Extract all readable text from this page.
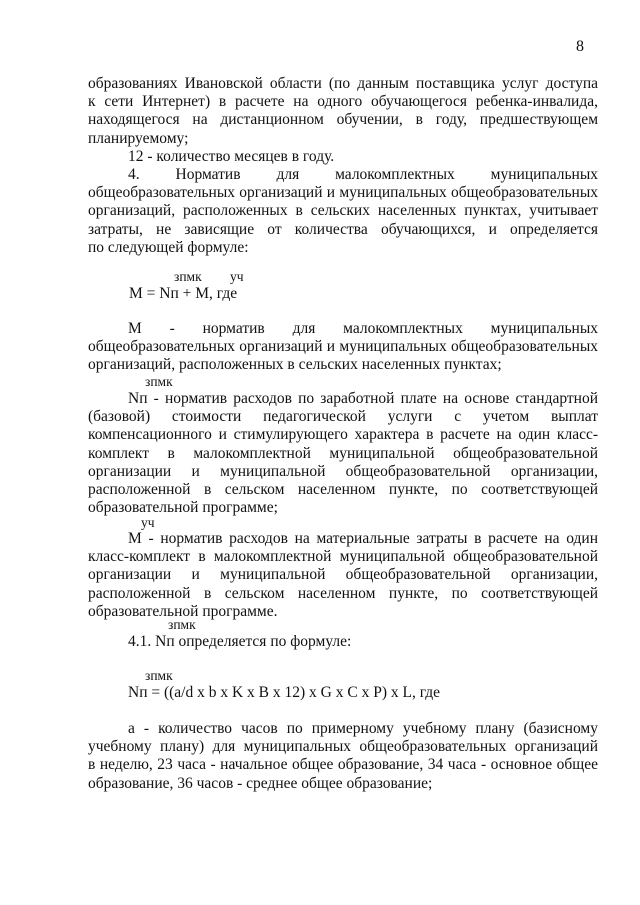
8

образованиях Ивановской области (по данным поставщика услуг доступа

к сети Интернет) в расчете на одного обучающегося ребенка-инвалида,

находящегося на дистанционном обучении, в году, предшествующем

планируемому;

12 - количество месяцев в году.

4. Норматив для малокомплектных муниципальных

общеобразовательных организаций и муниципальных общеобразовательных

организаций, расположенных в сельских населенных пунктах, учитывает

затраты, не зависящие от количества обучающихся, и определяется

по следующей формуле:

зпмк уч
M = Nп + M, где

M - норматив для малокомплектных муниципальных

общеобразовательных организаций и муниципальных общеобразовательных

организаций, расположенных в сельских населенных пунктах;

зпмк

Nп - норматив расходов по заработной плате на основе стандартной

(базовой) стоимости педагогической услуги с учетом выплат

компенсационного и стимулирующего характера в расчете на один класс-

комплект в малокомплектной муниципальной общеобразовательной

организации и муниципальной общеобразовательной организации,

расположенной в сельском населенном пункте, по соответствующей

образовательной программе;

уч

M - норматив расходов на материальные затраты в расчете на один

класс-комплект в малокомплектной муниципальной общеобразовательной

организации и муниципальной общеобразовательной организации,

расположенной в сельском населенном пункте, по соответствующей

образовательной программе.

зпмк
4.1. Nп определяется по формуле:
зпмк
Nп = ((a/d x b x K x B x 12) x G x C x P) x L, где

a - количество часов по примерному учебному плану (базисному

учебному плану) для муниципальных общеобразовательных организаций

в неделю, 23 часа - начальное общее образование, 34 часа - основное общее

образование, 36 часов - среднее общее образование;
